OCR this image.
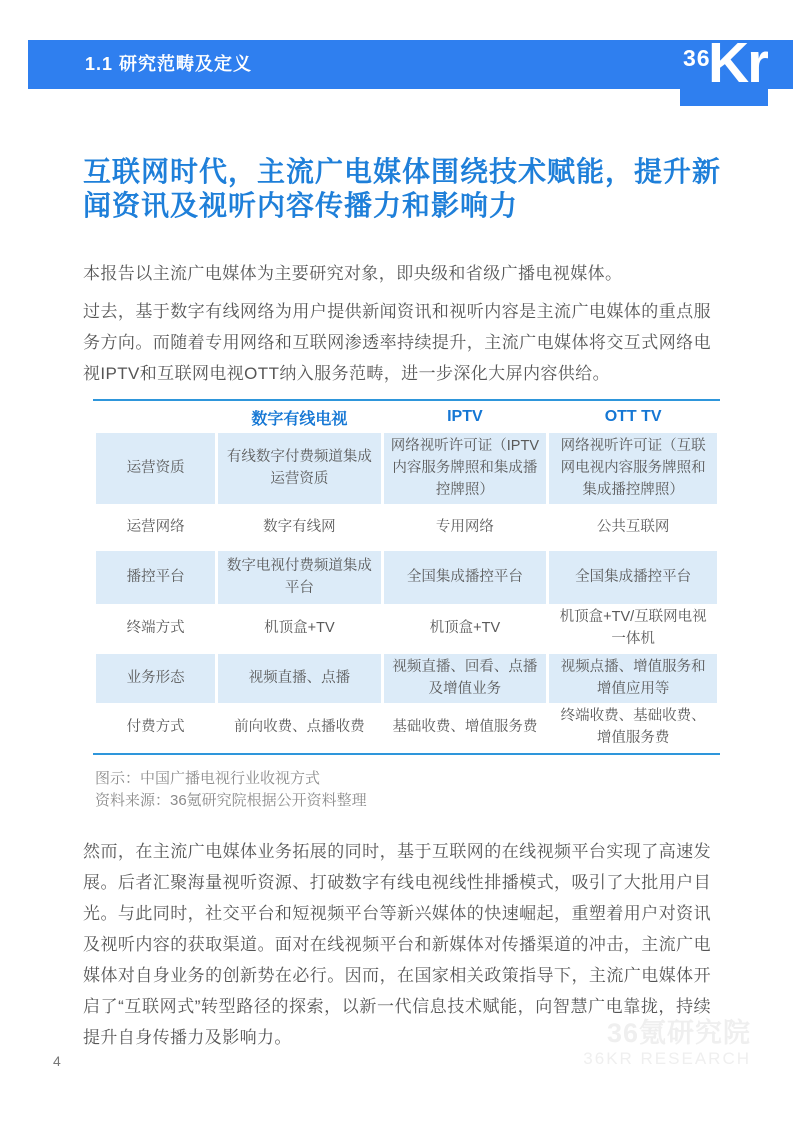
1.1 研究范畴及定义	36
Kr
互联网时代，主流广电媒体围绕技术赋能，提升新闻资讯及视听内容传播力和影响力

本报告以主流广电媒体为主要研究对象，即央级和省级广播电视媒体。

过去，基于数字有线网络为用户提供新闻资讯和视听内容是主流广电媒体的重点服务方向。而随着专用网络和互联网渗透率持续提升，主流广电媒体将交互式网络电视IPTV和互联网电视OTT纳入服务范畴，进一步深化大屏内容供给。

	数字有线电视	IPTV	OTT TV
运营资质	有线数字付费频道集成运营资质	网络视听许可证（IPTV内容服务牌照和集成播控牌照）	网络视听许可证（互联网电视内容服务牌照和集成播控牌照）
运营网络	数字有线网	专用网络	公共互联网
播控平台	数字电视付费频道集成平台	全国集成播控平台	全国集成播控平台
终端方式	机顶盒+TV	机顶盒+TV	机顶盒+TV/互联网电视一体机
业务形态	视频直播、点播	视频直播、回看、点播及增值业务	视频点播、增值服务和增值应用等
付费方式	前向收费、点播收费	基础收费、增值服务费	终端收费、基础收费、增值服务费
图示：中国广播电视行业收视方式
资料来源：36氪研究院根据公开资料整理

然而，在主流广电媒体业务拓展的同时，基于互联网的在线视频平台实现了高速发展。后者汇聚海量视听资源、打破数字有线电视线性排播模式，吸引了大批用户目光。与此同时，社交平台和短视频平台等新兴媒体的快速崛起，重塑着用户对资讯及视听内容的获取渠道。面对在线视频平台和新媒体对传播渠道的冲击，主流广电媒体对自身业务的创新势在必行。因而，在国家相关政策指导下，主流广电媒体开启了“互联网式”转型路径的探索，以新一代信息技术赋能，向智慧广电靠拢，持续提升自身传播力及影响力。

4
36氪研究院
36KR RESEARCH
